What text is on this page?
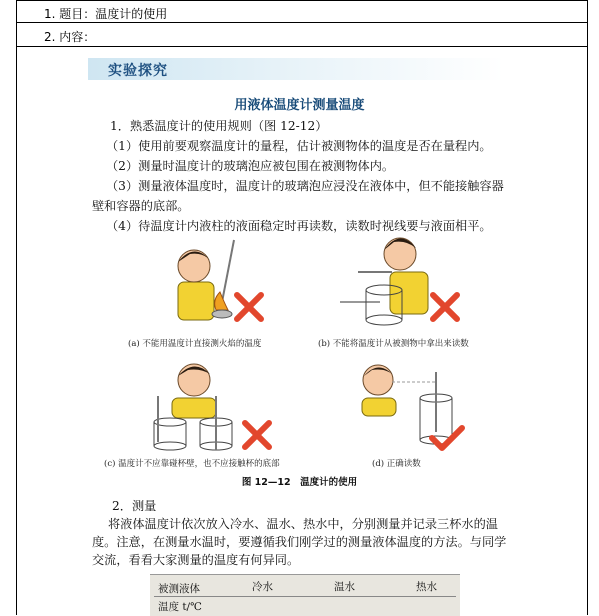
1. 题目：温度计的使用
2. 内容：
实验探究
用液体温度计测量温度
1．熟悉温度计的使用规则（图 12-12）
（1）使用前要观察温度计的量程，估计被测物体的温度是否在量程内。
（2）测量时温度计的玻璃泡应被包围在被测物体内。
（3）测量液体温度时，温度计的玻璃泡应浸没在液体中，但不能接触容器
壁和容器的底部。
（4）待温度计内液柱的液面稳定时再读数，读数时视线要与液面相平。
(a) 不能用温度计直接测火焰的温度	(b) 不能将温度计从被测物中拿出来读数
(c) 温度计不应靠碰杯壁，也不应接触杯的底部	(d) 正确读数
图 12—12　温度计的使用
2．测量
将液体温度计依次放入冷水、温水、热水中，分别测量并记录三杯水的温
度。注意，在测量水温时，要遵循我们刚学过的测量液体温度的方法。与同学
交流，看看大家测量的温度有何异同。
被测液体	冷水	温水	热水
温度 t/℃
